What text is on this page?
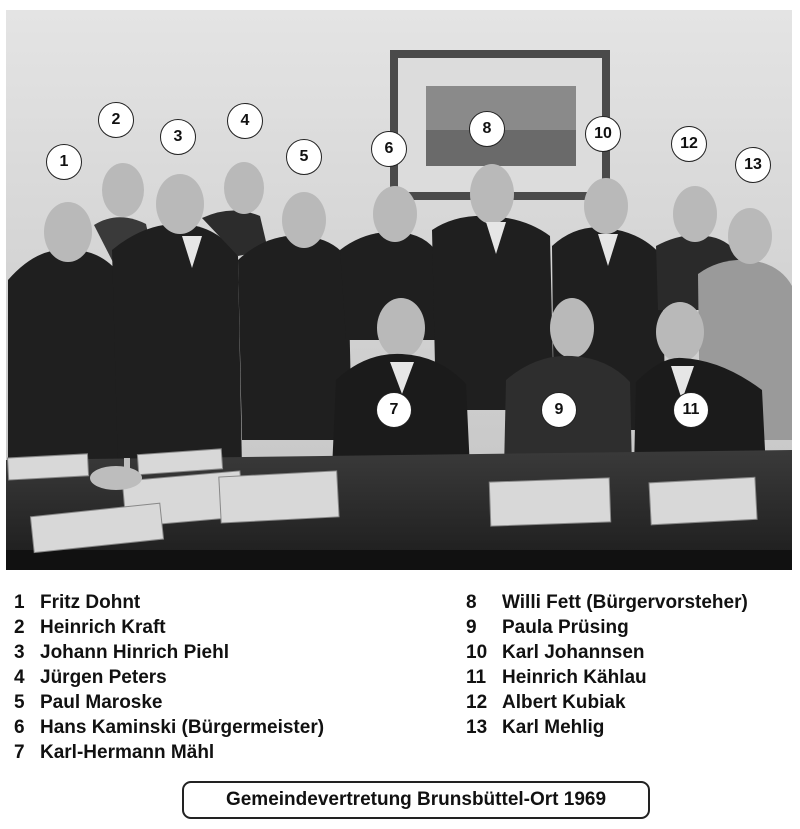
1
2
3
4
5	6
7
8
9
10
11
12
13
1 Fritz Dohnt
2 Heinrich Kraft
3 Johann Hinrich Piehl
4 Jürgen Peters
5 Paul Maroske
6 Hans Kaminski (Bürgermeister)
7 Karl-Hermann Mähl
8 Willi Fett (Bürgervorsteher)
9 Paula Prüsing
10 Karl Johannsen
11 Heinrich Kählau
12 Albert Kubiak
13 Karl Mehlig
Gemeindevertretung Brunsbüttel-Ort 1969
